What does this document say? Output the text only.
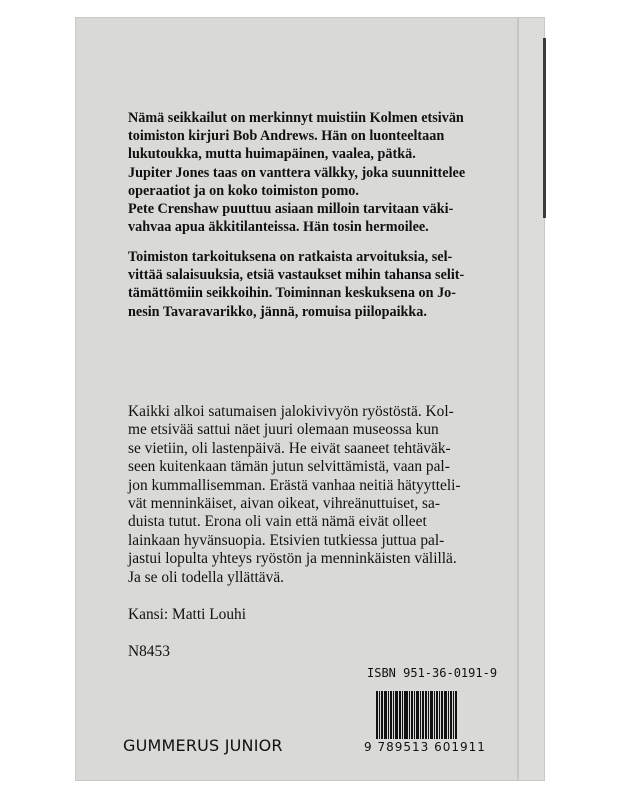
Nämä seikkailut on merkinnyt muistiin Kolmen etsivän

toimiston kirjuri Bob Andrews. Hän on luonteeltaan

lukutoukka, mutta huimapäinen, vaalea, pätkä.

Jupiter Jones taas on vanttera välkky, joka suunnittelee

operaatiot ja on koko toimiston pomo.

Pete Crenshaw puuttuu asiaan milloin tarvitaan väki-

vahvaa apua äkkitilanteissa. Hän tosin hermoilee.

Toimiston tarkoituksena on ratkaista arvoituksia, sel-

vittää salaisuuksia, etsiä vastaukset mihin tahansa selit-

tämättömiin seikkoihin. Toiminnan keskuksena on Jo-

nesin Tavaravarikko, jännä, romuisa piilopaikka.

Kaikki alkoi satumaisen jalokivivyön ryöstöstä. Kol-

me etsivää sattui näet juuri olemaan museossa kun

se vietiin, oli lastenpäivä. He eivät saaneet tehtäväk-

seen kuitenkaan tämän jutun selvittämistä, vaan pal-

jon kummallisemman. Erästä vanhaa neitiä hätyytteli-

vät menninkäiset, aivan oikeat, vihreänuttuiset, sa-

duista tutut. Erona oli vain että nämä eivät olleet

lainkaan hyvänsuopia. Etsivien tutkiessa juttua pal-

jastui lopulta yhteys ryöstön ja menninkäisten välillä.

Ja se oli todella yllättävä.

Kansi: Matti Louhi
N8453
ISBN 951-36-0191-9
9 789513 601911
GUMMERUS JUNIOR
